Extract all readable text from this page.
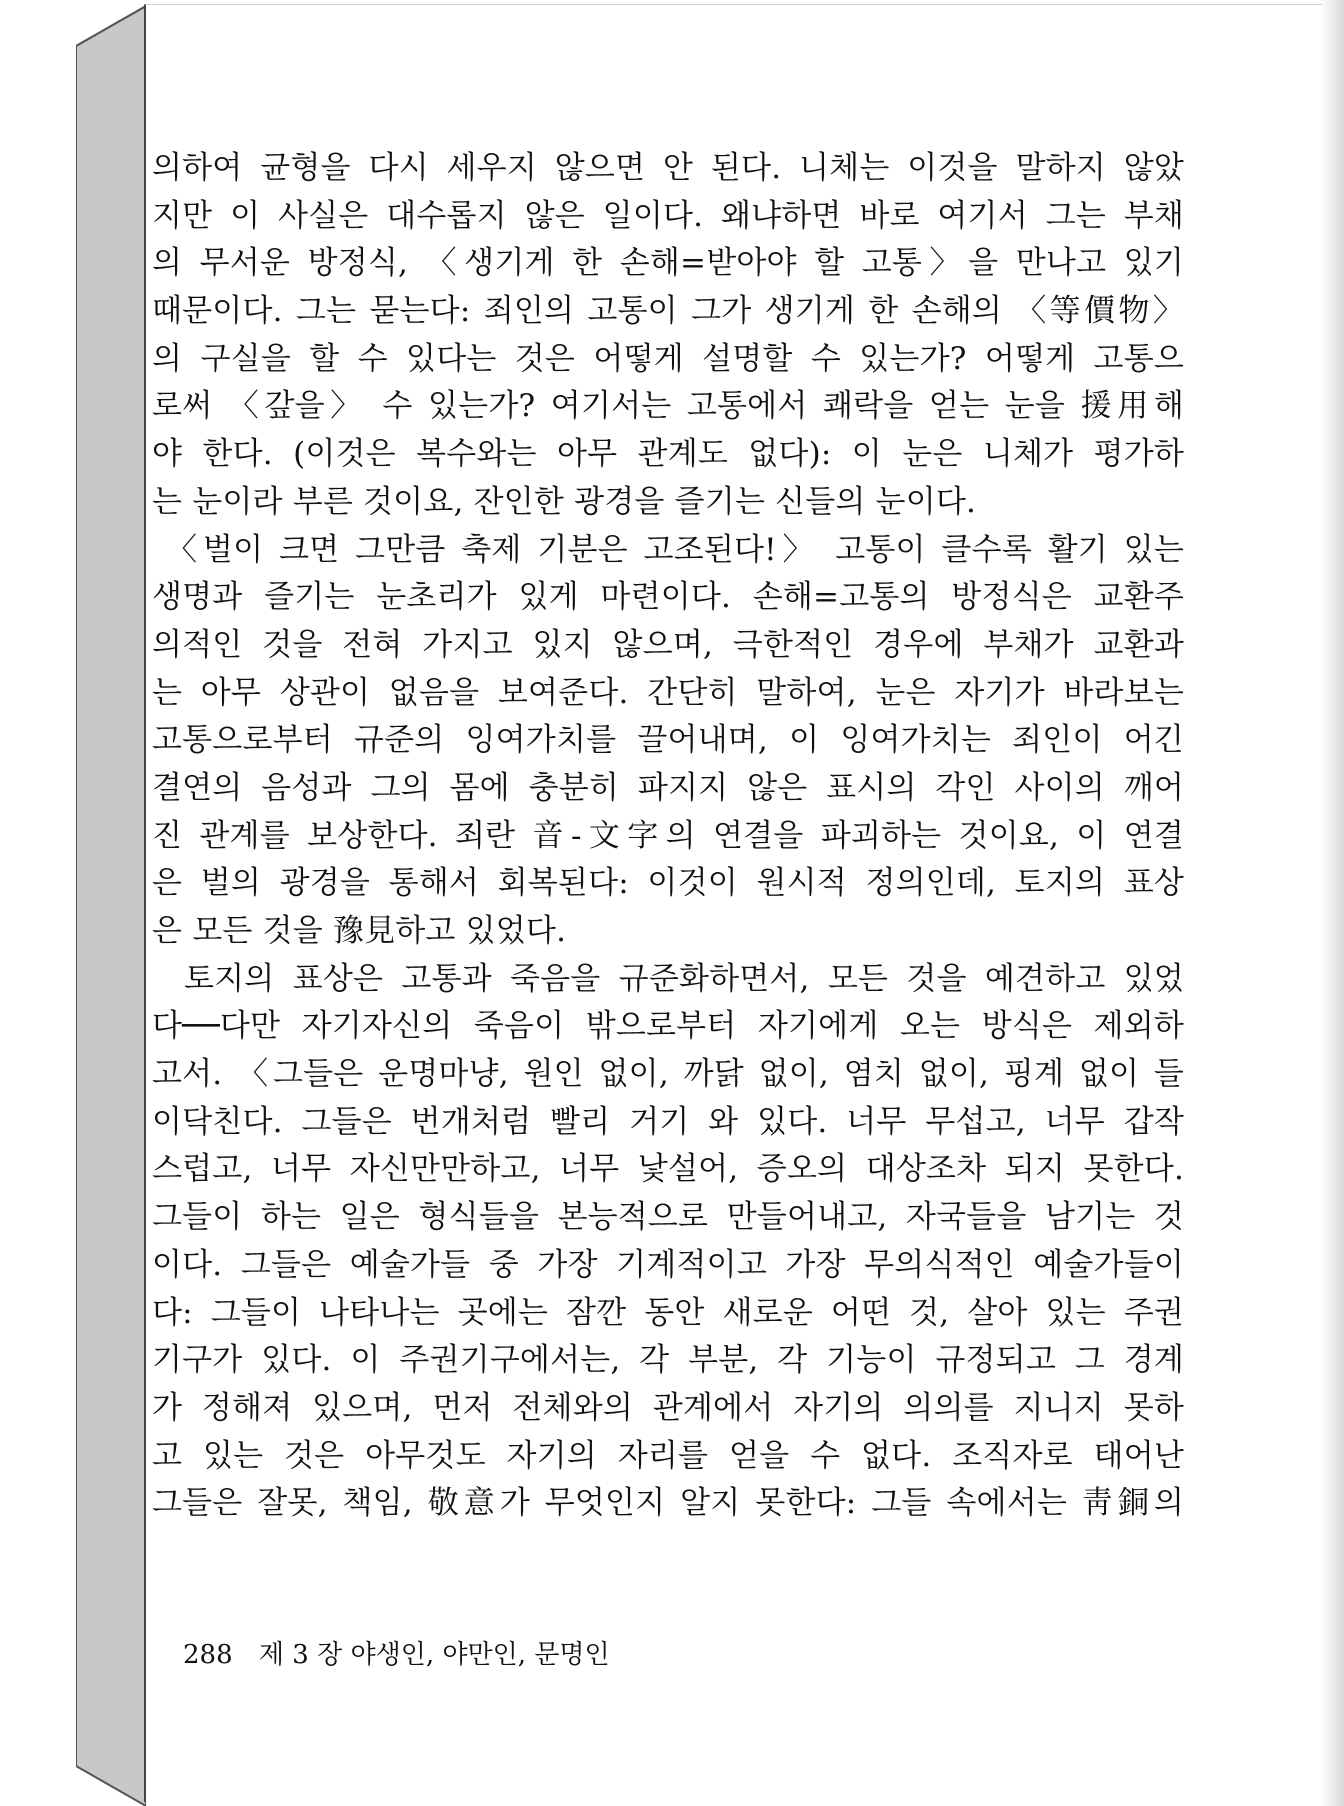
의하여 균형을 다시 세우지 않으면 안 된다. 니체는 이것을 말하지 않았
지만 이 사실은 대수롭지 않은 일이다. 왜냐하면 바로 여기서 그는 부채
의 무서운 방정식, 〈생기게 한 손해=받아야 할 고통〉을 만나고 있기
때문이다. 그는 묻는다: 죄인의 고통이 그가 생기게 한 손해의 〈等價物〉
의 구실을 할 수 있다는 것은 어떻게 설명할 수 있는가? 어떻게 고통으
로써 〈갚을〉 수 있는가? 여기서는 고통에서 쾌락을 얻는 눈을 援用해
야 한다. (이것은 복수와는 아무 관계도 없다): 이 눈은 니체가 평가하
는 눈이라 부른 것이요, 잔인한 광경을 즐기는 신들의 눈이다.
〈벌이 크면 그만큼 축제 기분은 고조된다!〉 고통이 클수록 활기 있는
생명과 즐기는 눈초리가 있게 마련이다. 손해=고통의 방정식은 교환주
의적인 것을 전혀 가지고 있지 않으며, 극한적인 경우에 부채가 교환과
는 아무 상관이 없음을 보여준다. 간단히 말하여, 눈은 자기가 바라보는
고통으로부터 규준의 잉여가치를 끌어내며, 이 잉여가치는 죄인이 어긴
결연의 음성과 그의 몸에 충분히 파지지 않은 표시의 각인 사이의 깨어
진 관계를 보상한다. 죄란 音-文字의 연결을 파괴하는 것이요, 이 연결
은 벌의 광경을 통해서 회복된다: 이것이 원시적 정의인데, 토지의 표상
은 모든 것을 豫見하고 있었다.
토지의 표상은 고통과 죽음을 규준화하면서, 모든 것을 예견하고 있었
다──다만 자기자신의 죽음이 밖으로부터 자기에게 오는 방식은 제외하
고서. 〈그들은 운명마냥, 원인 없이, 까닭 없이, 염치 없이, 핑계 없이 들
이닥친다. 그들은 번개처럼 빨리 거기 와 있다. 너무 무섭고, 너무 갑작
스럽고, 너무 자신만만하고, 너무 낯설어, 증오의 대상조차 되지 못한다.
그들이 하는 일은 형식들을 본능적으로 만들어내고, 자국들을 남기는 것
이다. 그들은 예술가들 중 가장 기계적이고 가장 무의식적인 예술가들이
다: 그들이 나타나는 곳에는 잠깐 동안 새로운 어떤 것, 살아 있는 주권
기구가 있다. 이 주권기구에서는, 각 부분, 각 기능이 규정되고 그 경계
가 정해져 있으며, 먼저 전체와의 관계에서 자기의 의의를 지니지 못하
고 있는 것은 아무것도 자기의 자리를 얻을 수 없다. 조직자로 태어난
그들은 잘못, 책임, 敬意가 무엇인지 알지 못한다: 그들 속에서는 靑銅의
288 제 3 장 야생인, 야만인, 문명인
